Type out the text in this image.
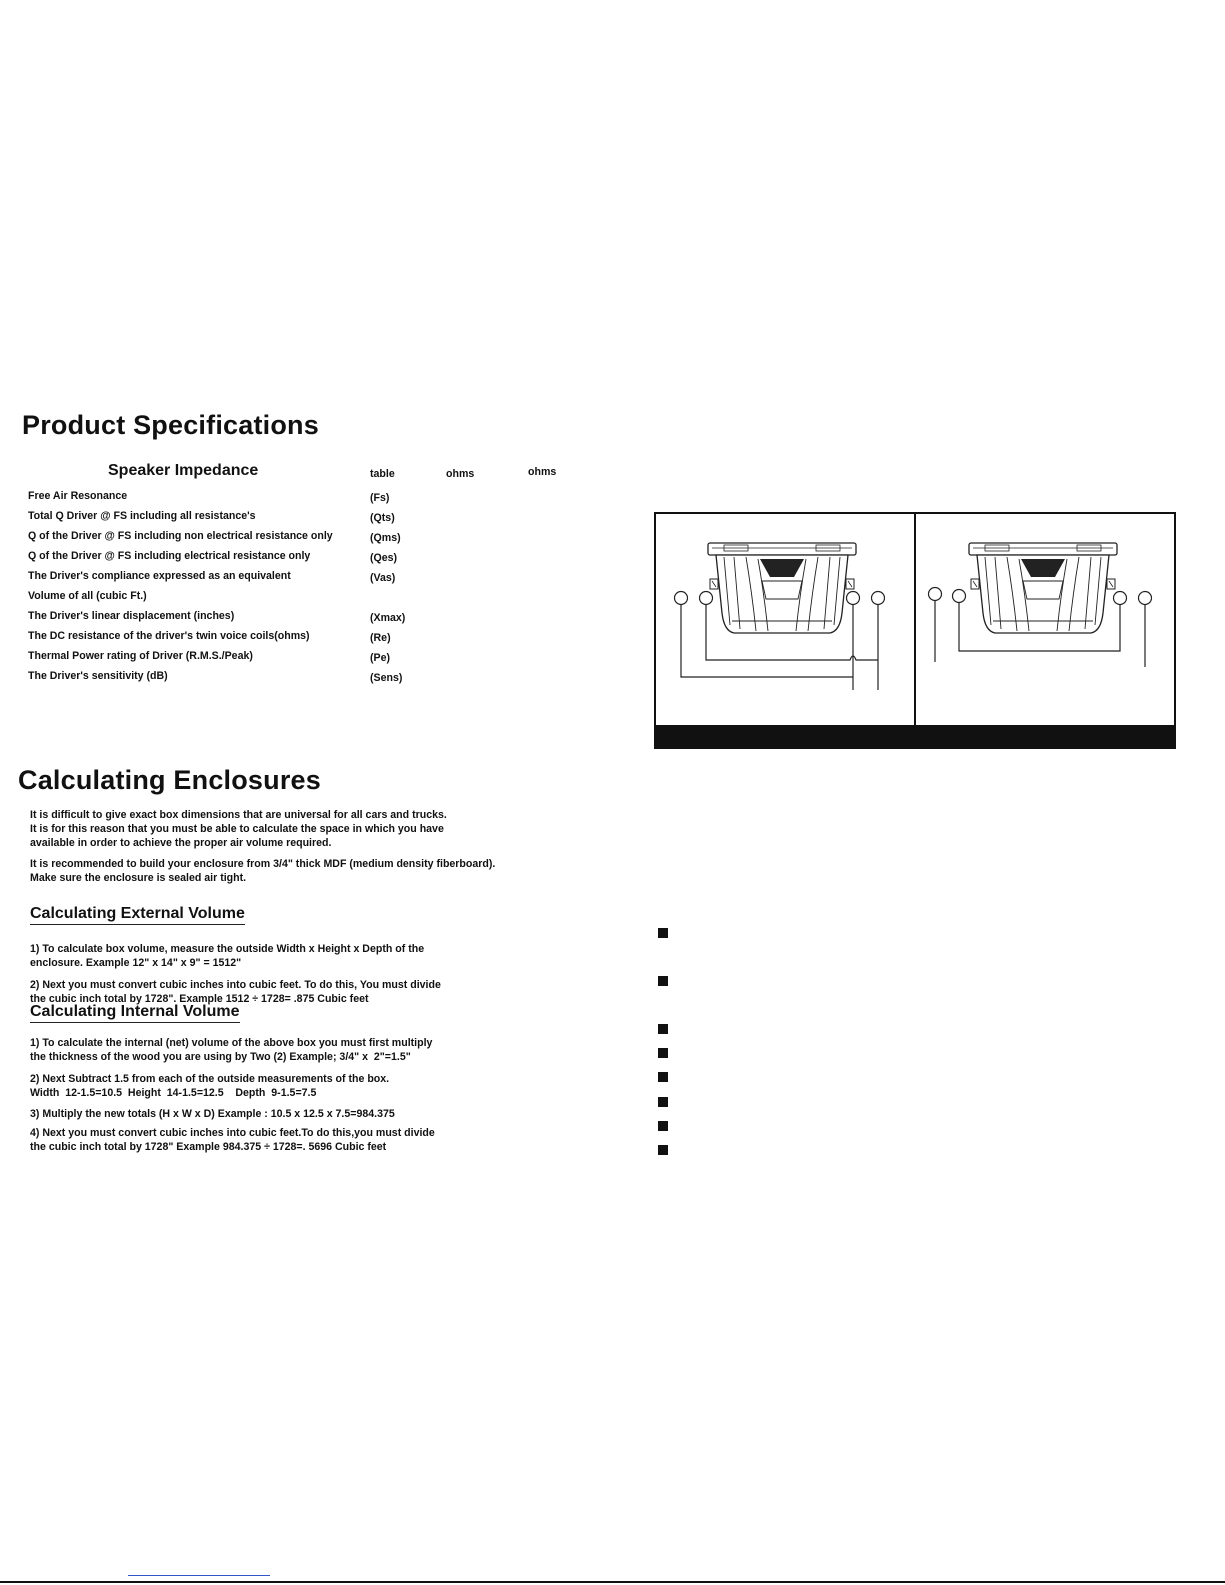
Product Specifications
Speaker Impedance	table	ohms	ohms
Free Air Resonance	(Fs)
Total Q Driver @ FS including all resistance's	(Qts)
Q of the Driver @ FS including non electrical resistance only	(Qms)
Q of the Driver @ FS including electrical resistance only	(Qes)
The Driver's compliance expressed as an equivalent	(Vas)
Volume of all (cubic Ft.)
The Driver's linear displacement (inches)	(Xmax)
The DC resistance of the driver's twin voice coils(ohms)	(Re)
Thermal Power rating of Driver (R.M.S./Peak)	(Pe)
The Driver's sensitivity (dB)	(Sens)
Calculating Enclosures
It is difficult to give exact box dimensions that are universal for all cars and trucks.
It is for this reason that you must be able to calculate the space in which you have
available in order to achieve the proper air volume required.
It is recommended to build your enclosure from 3/4" thick MDF (medium density fiberboard).
Make sure the enclosure is sealed air tight.
Calculating External Volume
1) To calculate box volume, measure the outside Width x Height x Depth of the
enclosure. Example 12" x 14" x 9" = 1512"
2) Next you must convert cubic inches into cubic feet. To do this, You must divide
the cubic inch total by 1728". Example 1512 ÷ 1728= .875 Cubic feet
Calculating Internal Volume
1) To calculate the internal (net) volume of the above box you must first multiply
the thickness of the wood you are using by Two (2) Example; 3/4" x  2"=1.5"
2) Next Subtract 1.5 from each of the outside measurements of the box.
Width  12-1.5=10.5  Height  14-1.5=12.5    Depth  9-1.5=7.5
3) Multiply the new totals (H x W x D) Example : 10.5 x 12.5 x 7.5=984.375
4) Next you must convert cubic inches into cubic feet.To do this,you must divide
the cubic inch total by 1728" Example 984.375 ÷ 1728=. 5696 Cubic feet
